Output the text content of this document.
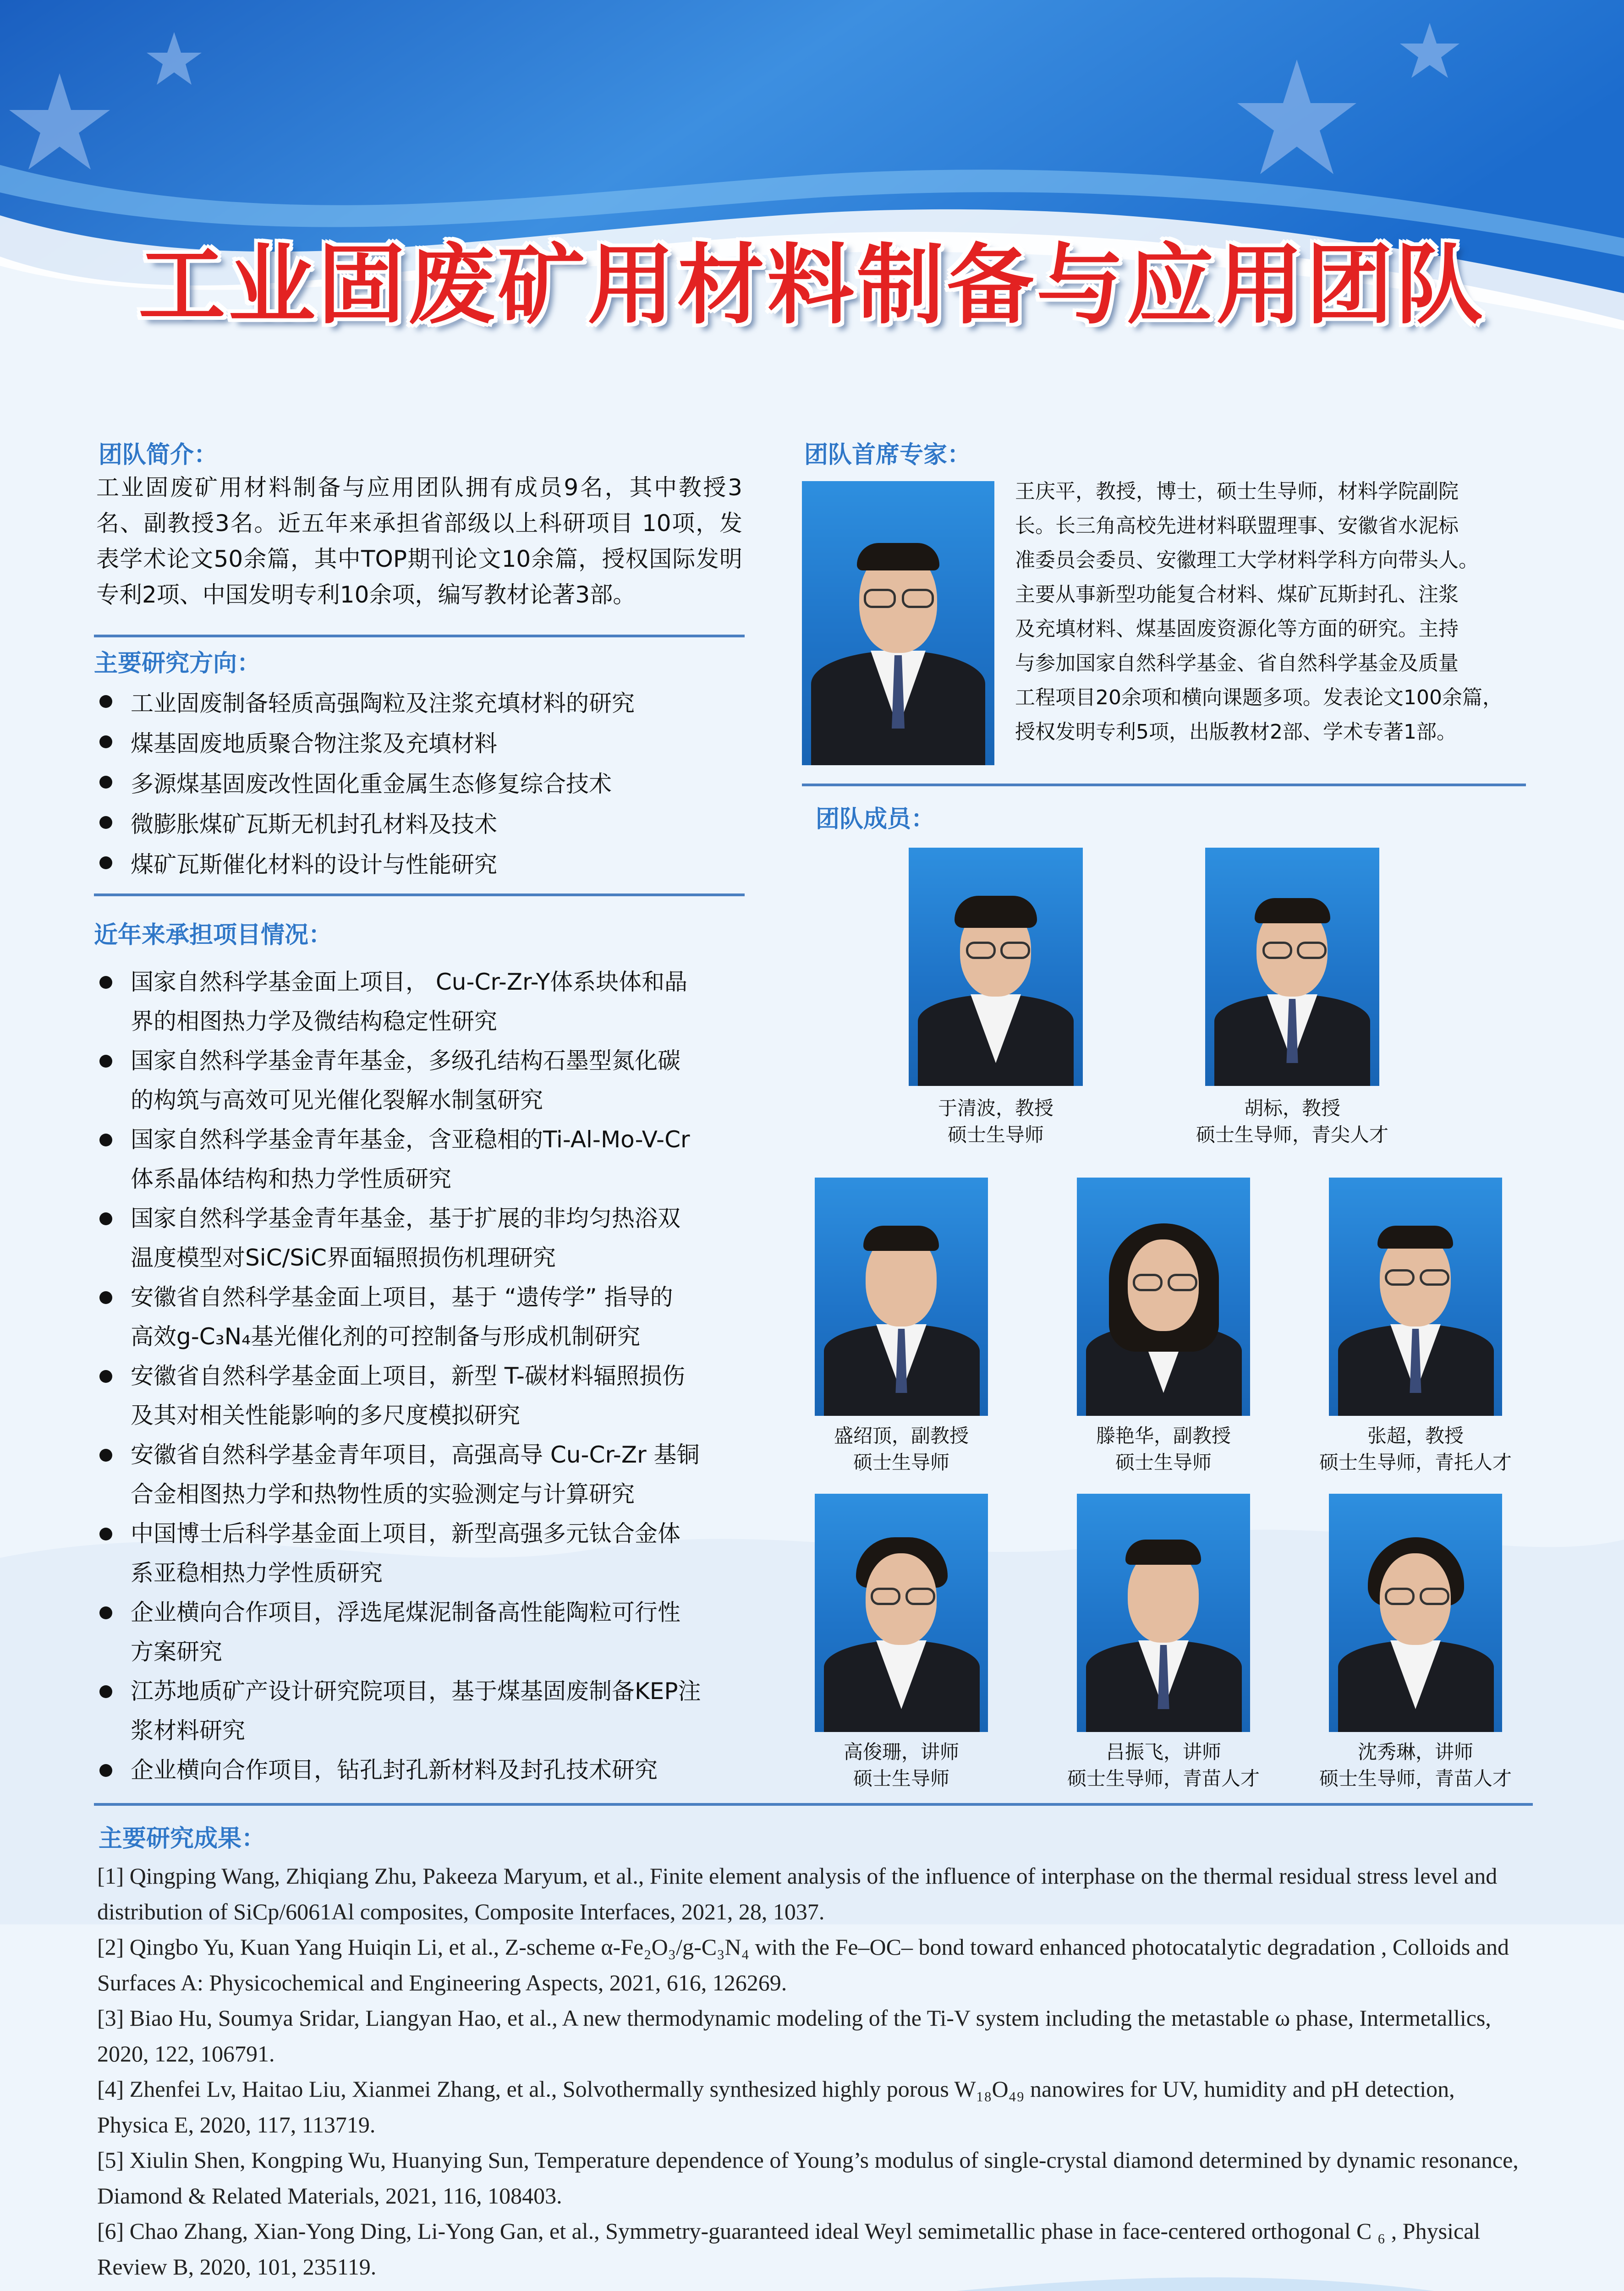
工业固废矿用材料制备与应用团队
团队简介：
工业固废矿用材料制备与应用团队拥有成员9名，其中教授3名、副教授3名。近五年来承担省部级以上科研项目 10项，发表学术论文50余篇，其中TOP期刊论文10余篇，授权国际发明专利2项、中国发明专利10余项，编写教材论著3部。
主要研究方向：
工业固废制备轻质高强陶粒及注浆充填材料的研究
煤基固废地质聚合物注浆及充填材料
多源煤基固废改性固化重金属生态修复综合技术
微膨胀煤矿瓦斯无机封孔材料及技术
煤矿瓦斯催化材料的设计与性能研究
近年来承担项目情况：
国家自然科学基金面上项目， Cu-Cr-Zr-Y体系块体和晶
界的相图热力学及微结构稳定性研究
国家自然科学基金青年基金，多级孔结构石墨型氮化碳
的构筑与高效可见光催化裂解水制氢研究
国家自然科学基金青年基金，含亚稳相的Ti-Al-Mo-V-Cr
体系晶体结构和热力学性质研究
国家自然科学基金青年基金，基于扩展的非均匀热浴双
温度模型对SiC/SiC界面辐照损伤机理研究
安徽省自然科学基金面上项目，基于 “遗传学” 指导的
高效g-C₃N₄基光催化剂的可控制备与形成机制研究
安徽省自然科学基金面上项目，新型 T-碳材料辐照损伤
及其对相关性能影响的多尺度模拟研究
安徽省自然科学基金青年项目，高强高导 Cu-Cr-Zr 基铜
合金相图热力学和热物性质的实验测定与计算研究
中国博士后科学基金面上项目，新型高强多元钛合金体
系亚稳相热力学性质研究
企业横向合作项目，浮选尾煤泥制备高性能陶粒可行性
方案研究
江苏地质矿产设计研究院项目，基于煤基固废制备KEP注
浆材料研究
企业横向合作项目，钻孔封孔新材料及封孔技术研究
团队首席专家：
王庆平，教授，博士，硕士生导师，材料学院副院
长。长三角高校先进材料联盟理事、安徽省水泥标
准委员会委员、安徽理工大学材料学科方向带头人。
主要从事新型功能复合材料、煤矿瓦斯封孔、注浆
及充填材料、煤基固废资源化等方面的研究。主持
与参加国家自然科学基金、省自然科学基金及质量
工程项目20余项和横向课题多项。发表论文100余篇，
授权发明专利5项，出版教材2部、学术专著1部。
团队成员：
于清波，教授
硕士生导师
胡标，教授
硕士生导师，青尖人才
盛绍顶，副教授
硕士生导师
滕艳华，副教授
硕士生导师
张超，教授
硕士生导师，青托人才
高俊珊，讲师
硕士生导师
吕振飞，讲师
硕士生导师，青苗人才
沈秀琳，讲师
硕士生导师，青苗人才
主要研究成果：
[1] Qingping Wang, Zhiqiang Zhu, Pakeeza Maryum, et al., Finite element analysis of the influence of interphase on the thermal residual stress level and
distribution of SiCp/6061Al composites, Composite Interfaces, 2021, 28, 1037.
[2] Qingbo Yu, Kuan Yang Huiqin Li, et al., Z-scheme α-Fe₂O₃/g-C₃N₄ with the Fe–OC– bond toward enhanced photocatalytic degradation , Colloids and
Surfaces A: Physicochemical and Engineering Aspects, 2021, 616, 126269.
[3] Biao Hu, Soumya Sridar, Liangyan Hao, et al., A new thermodynamic modeling of the Ti-V system including the metastable ω phase, Intermetallics,
2020, 122, 106791.
[4] Zhenfei Lv, Haitao Liu, Xianmei Zhang, et al., Solvothermally synthesized highly porous W₁₈O₄₉ nanowires for UV, humidity and pH detection,
Physica E, 2020, 117, 113719.
[5] Xiulin Shen, Kongping Wu, Huanying Sun, Temperature dependence of Young’s modulus of single-crystal diamond determined by dynamic resonance,
Diamond & Related Materials, 2021, 116, 108403.
[6] Chao Zhang, Xian-Yong Ding, Li-Yong Gan, et al., Symmetry-guaranteed ideal Weyl semimetallic phase in face-centered orthogonal C ₆ , Physical
Review B, 2020, 101, 235119.
